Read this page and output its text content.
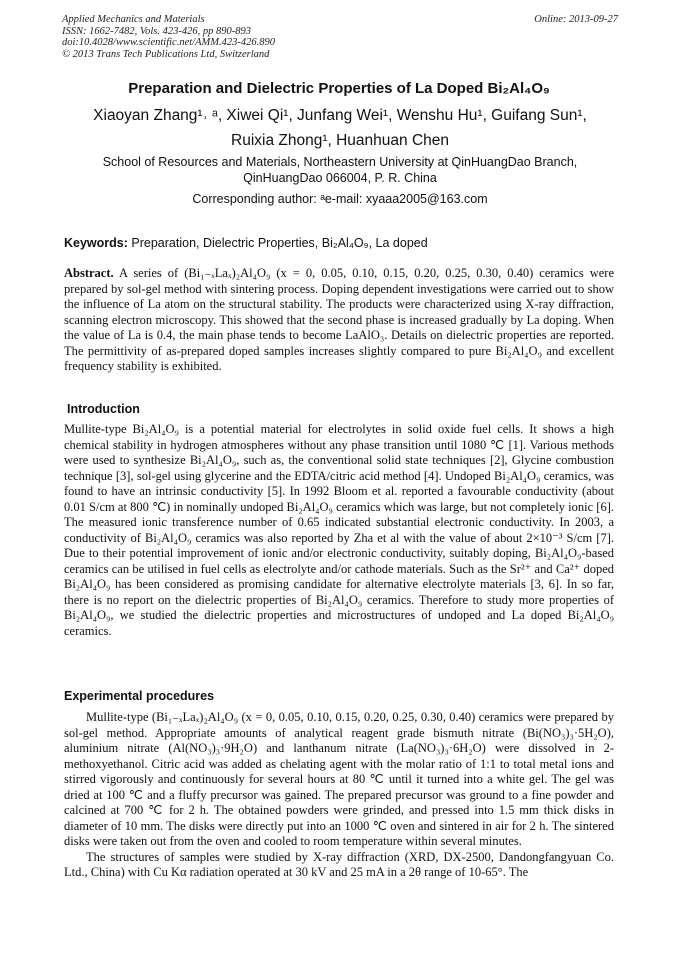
Applied Mechanics and Materials
ISSN: 1662-7482, Vols. 423-426, pp 890-893
doi:10.4028/www.scientific.net/AMM.423-426.890
© 2013 Trans Tech Publications Ltd, Switzerland
Online: 2013-09-27
Preparation and Dielectric Properties of La Doped Bi₂Al₄O₉
Xiaoyan Zhang¹˒ ᵃ, Xiwei Qi¹, Junfang Wei¹, Wenshu Hu¹, Guifang Sun¹,
Ruixia Zhong¹, Huanhuan Chen
School of Resources and Materials, Northeastern University at QinHuangDao Branch,
QinHuangDao 066004, P. R. China
Corresponding author: ᵃe-mail: xyaaa2005@163.com
Keywords: Preparation, Dielectric Properties, Bi₂Al₄O₉, La doped
Abstract. A series of (Bi₁₋ₓLaₓ)₂Al₄O₉ (x = 0, 0.05, 0.10, 0.15, 0.20, 0.25, 0.30, 0.40) ceramics were prepared by sol-gel method with sintering process. Doping dependent investigations were carried out to show the influence of La atom on the structural stability. The products were characterized using X-ray diffraction, scanning electron microscopy. This showed that the second phase is increased gradually by La doping. When the value of La is 0.4, the main phase tends to become LaAlO₃. Details on dielectric properties are reported. The permittivity of as-prepared doped samples increases slightly compared to pure Bi₂Al₄O₉ and excellent frequency stability is exhibited.
Introduction
Mullite-type Bi₂Al₄O₉ is a potential material for electrolytes in solid oxide fuel cells. It shows a high chemical stability in hydrogen atmospheres without any phase transition until 1080 ℃ [1]. Various methods were used to synthesize Bi₂Al₄O₉, such as, the conventional solid state techniques [2], Glycine combustion technique [3], sol-gel using glycerine and the EDTA/citric acid method [4]. Undoped Bi₂Al₄O₉ ceramics, was found to have an intrinsic conductivity [5]. In 1992 Bloom et al. reported a favourable conductivity (about 0.01 S/cm at 800 ℃) in nominally undoped Bi₂Al₄O₉ ceramics which was large, but not completely ionic [6]. The measured ionic transference number of 0.65 indicated substantial electronic conductivity. In 2003, a conductivity of Bi₂Al₄O₉ ceramics was also reported by Zha et al with the value of about 2×10⁻³ S/cm [7]. Due to their potential improvement of ionic and/or electronic conductivity, suitably doping, Bi₂Al₄O₉-based ceramics can be utilised in fuel cells as electrolyte and/or cathode materials. Such as the Sr²⁺ and Ca²⁺ doped Bi₂Al₄O₉ has been considered as promising candidate for alternative electrolyte materials [3, 6]. In so far, there is no report on the dielectric properties of Bi₂Al₄O₉ ceramics. Therefore to study more properties of Bi₂Al₄O₉, we studied the dielectric properties and microstructures of undoped and La doped Bi₂Al₄O₉ ceramics.
Experimental procedures
Mullite-type (Bi₁₋ₓLaₓ)₂Al₄O₉ (x = 0, 0.05, 0.10, 0.15, 0.20, 0.25, 0.30, 0.40) ceramics were prepared by sol-gel method. Appropriate amounts of analytical reagent grade bismuth nitrate (Bi(NO₃)₃·5H₂O), aluminium nitrate (Al(NO₃)₃·9H₂O) and lanthanum nitrate (La(NO₃)₃·6H₂O) were dissolved in 2-methoxyethanol. Citric acid was added as chelating agent with the molar ratio of 1:1 to total metal ions and stirred vigorously and continuously for several hours at 80 ℃ until it turned into a white gel. The gel was dried at 100 ℃ and a fluffy precursor was gained. The prepared precursor was ground to a fine powder and calcined at 700 ℃ for 2 h. The obtained powders were grinded, and pressed into 1.5 mm thick disks in diameter of 10 mm. The disks were directly put into an 1000 ℃ oven and sintered in air for 2 h. The sintered disks were taken out from the oven and cooled to room temperature within several minutes.
The structures of samples were studied by X-ray diffraction (XRD, DX-2500, Dandongfangyuan Co. Ltd., China) with Cu Kα radiation operated at 30 kV and 25 mA in a 2θ range of 10-65°. The
